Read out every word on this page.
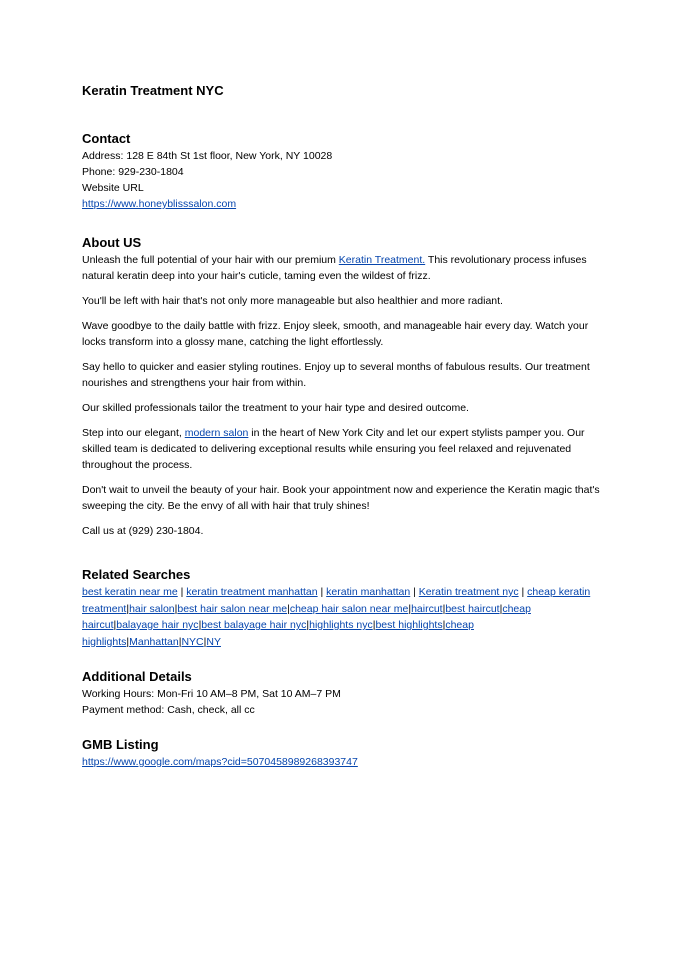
Keratin Treatment NYC
Contact

Address: 128 E 84th St 1st floor, New York, NY 10028

Phone: 929-230-1804

Website URL

https://www.honeyblisssalon.com

About US

Unleash the full potential of your hair with our premium Keratin Treatment. This revolutionary process infuses natural keratin deep into your hair's cuticle, taming even the wildest of frizz.

You'll be left with hair that's not only more manageable but also healthier and more radiant.

Wave goodbye to the daily battle with frizz. Enjoy sleek, smooth, and manageable hair every day. Watch your locks transform into a glossy mane, catching the light effortlessly.

Say hello to quicker and easier styling routines. Enjoy up to several months of fabulous results. Our treatment nourishes and strengthens your hair from within.

Our skilled professionals tailor the treatment to your hair type and desired outcome.

Step into our elegant, modern salon in the heart of New York City and let our expert stylists pamper you. Our skilled team is dedicated to delivering exceptional results while ensuring you feel relaxed and rejuvenated throughout the process.

Don't wait to unveil the beauty of your hair. Book your appointment now and experience the Keratin magic that's sweeping the city. Be the envy of all with hair that truly shines!

Call us at (929) 230-1804.

Related Searches

best keratin near me | keratin treatment manhattan | keratin manhattan | Keratin treatment nyc | cheap keratin treatment|hair salon|best hair salon near me|cheap hair salon near me|haircut|best haircut|cheap haircut|balayage hair nyc|best balayage hair nyc|highlights nyc|best highlights|cheap highlights|Manhattan|NYC|NY

Additional Details

Working Hours: Mon-Fri 10 AM–8 PM, Sat 10 AM–7 PM

Payment method: Cash, check, all cc

GMB Listing

https://www.google.com/maps?cid=5070458989268393747
